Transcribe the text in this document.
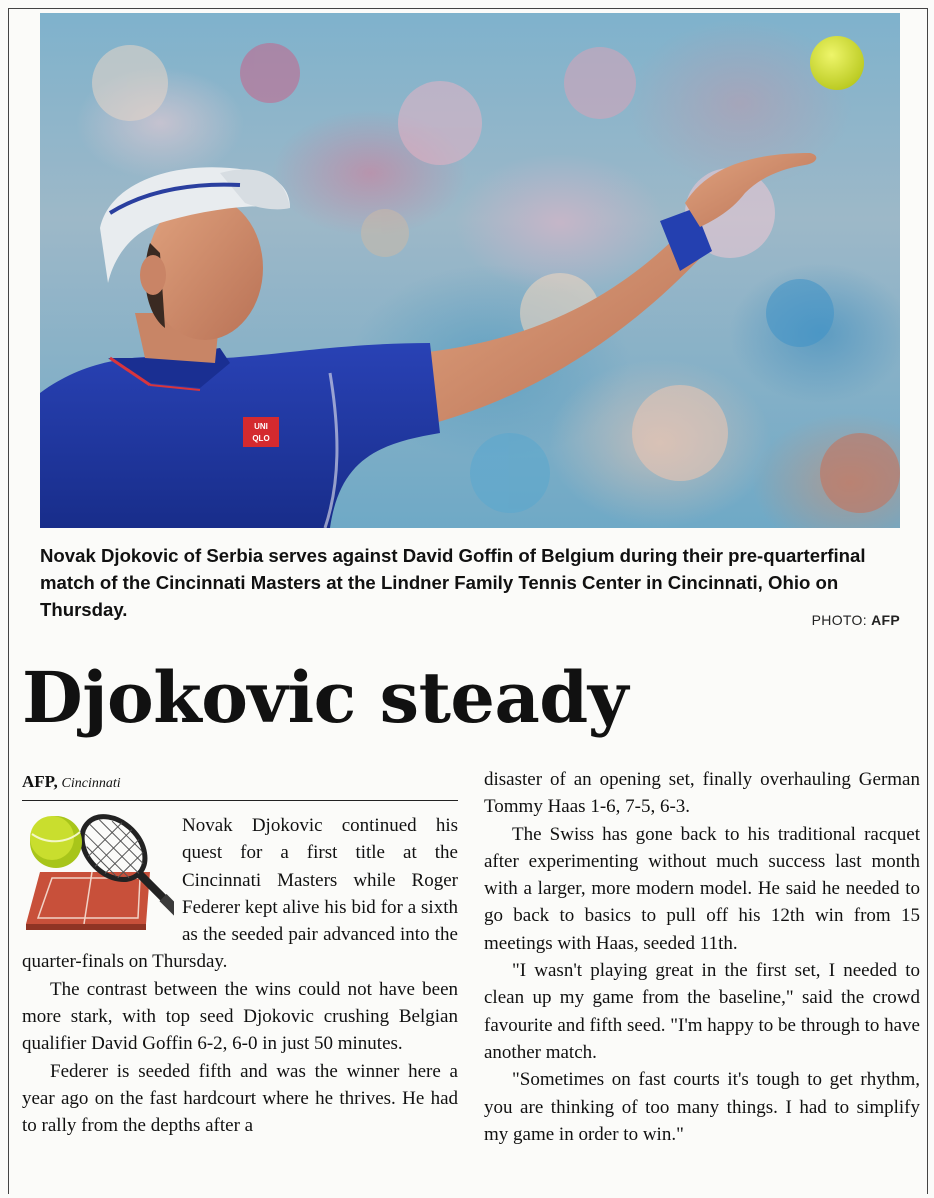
UNI
QLO
Novak Djokovic of Serbia serves against David Goffin of Belgium during their pre-quarterfinal match of the Cincinnati Masters at the Lindner Family Tennis Center in Cincinnati, Ohio on Thursday.	PHOTO: AFP
Djokovic steady
AFP, Cincinnati

Novak Djokovic continued his quest for a first title at the Cincinnati Masters while Roger Federer kept alive his bid for a sixth as the seeded pair advanced into the quarter-finals on Thursday.

The contrast between the wins could not have been more stark, with top seed Djokovic crushing Belgian qualifier David Goffin 6-2, 6-0 in just 50 minutes.

Federer is seeded fifth and was the winner here a year ago on the fast hardcourt where he thrives. He had to rally from the depths after a

disaster of an opening set, finally overhauling German Tommy Haas 1-6, 7-5, 6-3.

The Swiss has gone back to his traditional racquet after experimenting without much success last month with a larger, more modern model. He said he needed to go back to basics to pull off his 12th win from 15 meetings with Haas, seeded 11th.

"I wasn't playing great in the first set, I needed to clean up my game from the baseline," said the crowd favourite and fifth seed. "I'm happy to be through to have another match.

"Sometimes on fast courts it's tough to get rhythm, you are thinking of too many things. I had to simplify my game in order to win."
